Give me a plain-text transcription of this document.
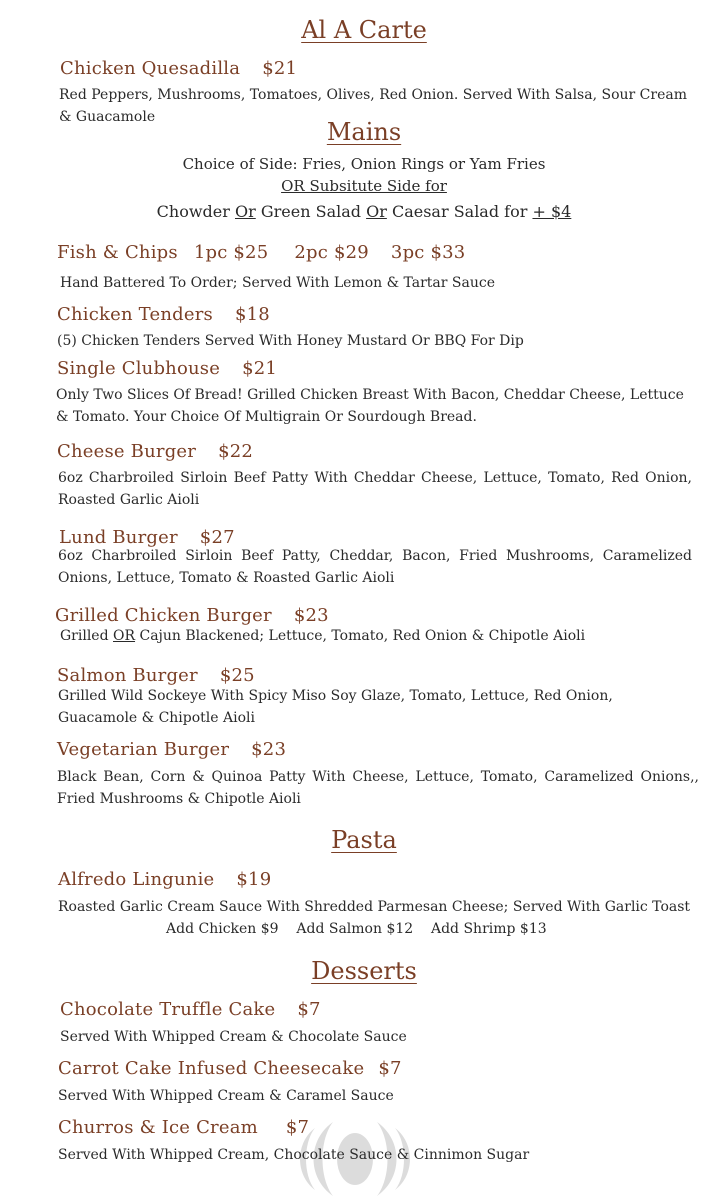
Al A Carte
Chicken Quesadilla $21
Red Peppers, Mushrooms, Tomatoes, Olives, Red Onion. Served With Salsa, Sour Cream & Guacamole
Mains
Choice of Side: Fries, Onion Rings or Yam Fries
OR Subsitute Side for
Chowder Or Green Salad Or Caesar Salad for + $4
Fish & Chips 1pc $25 2pc $29 3pc $33
Hand Battered To Order; Served With Lemon & Tartar Sauce
Chicken Tenders $18
(5) Chicken Tenders Served With Honey Mustard Or BBQ For Dip
Single Clubhouse $21
Only Two Slices Of Bread! Grilled Chicken Breast With Bacon, Cheddar Cheese, Lettuce & Tomato. Your Choice Of Multigrain Or Sourdough Bread.
Cheese Burger $22
6oz Charbroiled Sirloin Beef Patty With Cheddar Cheese, Lettuce, Tomato, Red Onion, Roasted Garlic Aioli
Lund Burger $27
6oz Charbroiled Sirloin Beef Patty, Cheddar, Bacon, Fried Mushrooms, Caramelized Onions, Lettuce, Tomato & Roasted Garlic Aioli
Grilled Chicken Burger $23
Grilled OR Cajun Blackened; Lettuce, Tomato, Red Onion & Chipotle Aioli
Salmon Burger $25
Grilled Wild Sockeye With Spicy Miso Soy Glaze, Tomato, Lettuce, Red Onion, Guacamole & Chipotle Aioli
Vegetarian Burger $23
Black Bean, Corn & Quinoa Patty With Cheese, Lettuce, Tomato, Caramelized Onions,, Fried Mushrooms & Chipotle Aioli
Pasta
Alfredo Lingunie $19
Roasted Garlic Cream Sauce With Shredded Parmesan Cheese; Served With Garlic Toast
Add Chicken $9    Add Salmon $12    Add Shrimp $13
Desserts
Chocolate Truffle Cake $7
Served With Whipped Cream & Chocolate Sauce
Carrot Cake Infused Cheesecake $7
Served With Whipped Cream & Caramel Sauce
Churros & Ice Cream $7
Served With Whipped Cream, Chocolate Sauce & Cinnimon Sugar
